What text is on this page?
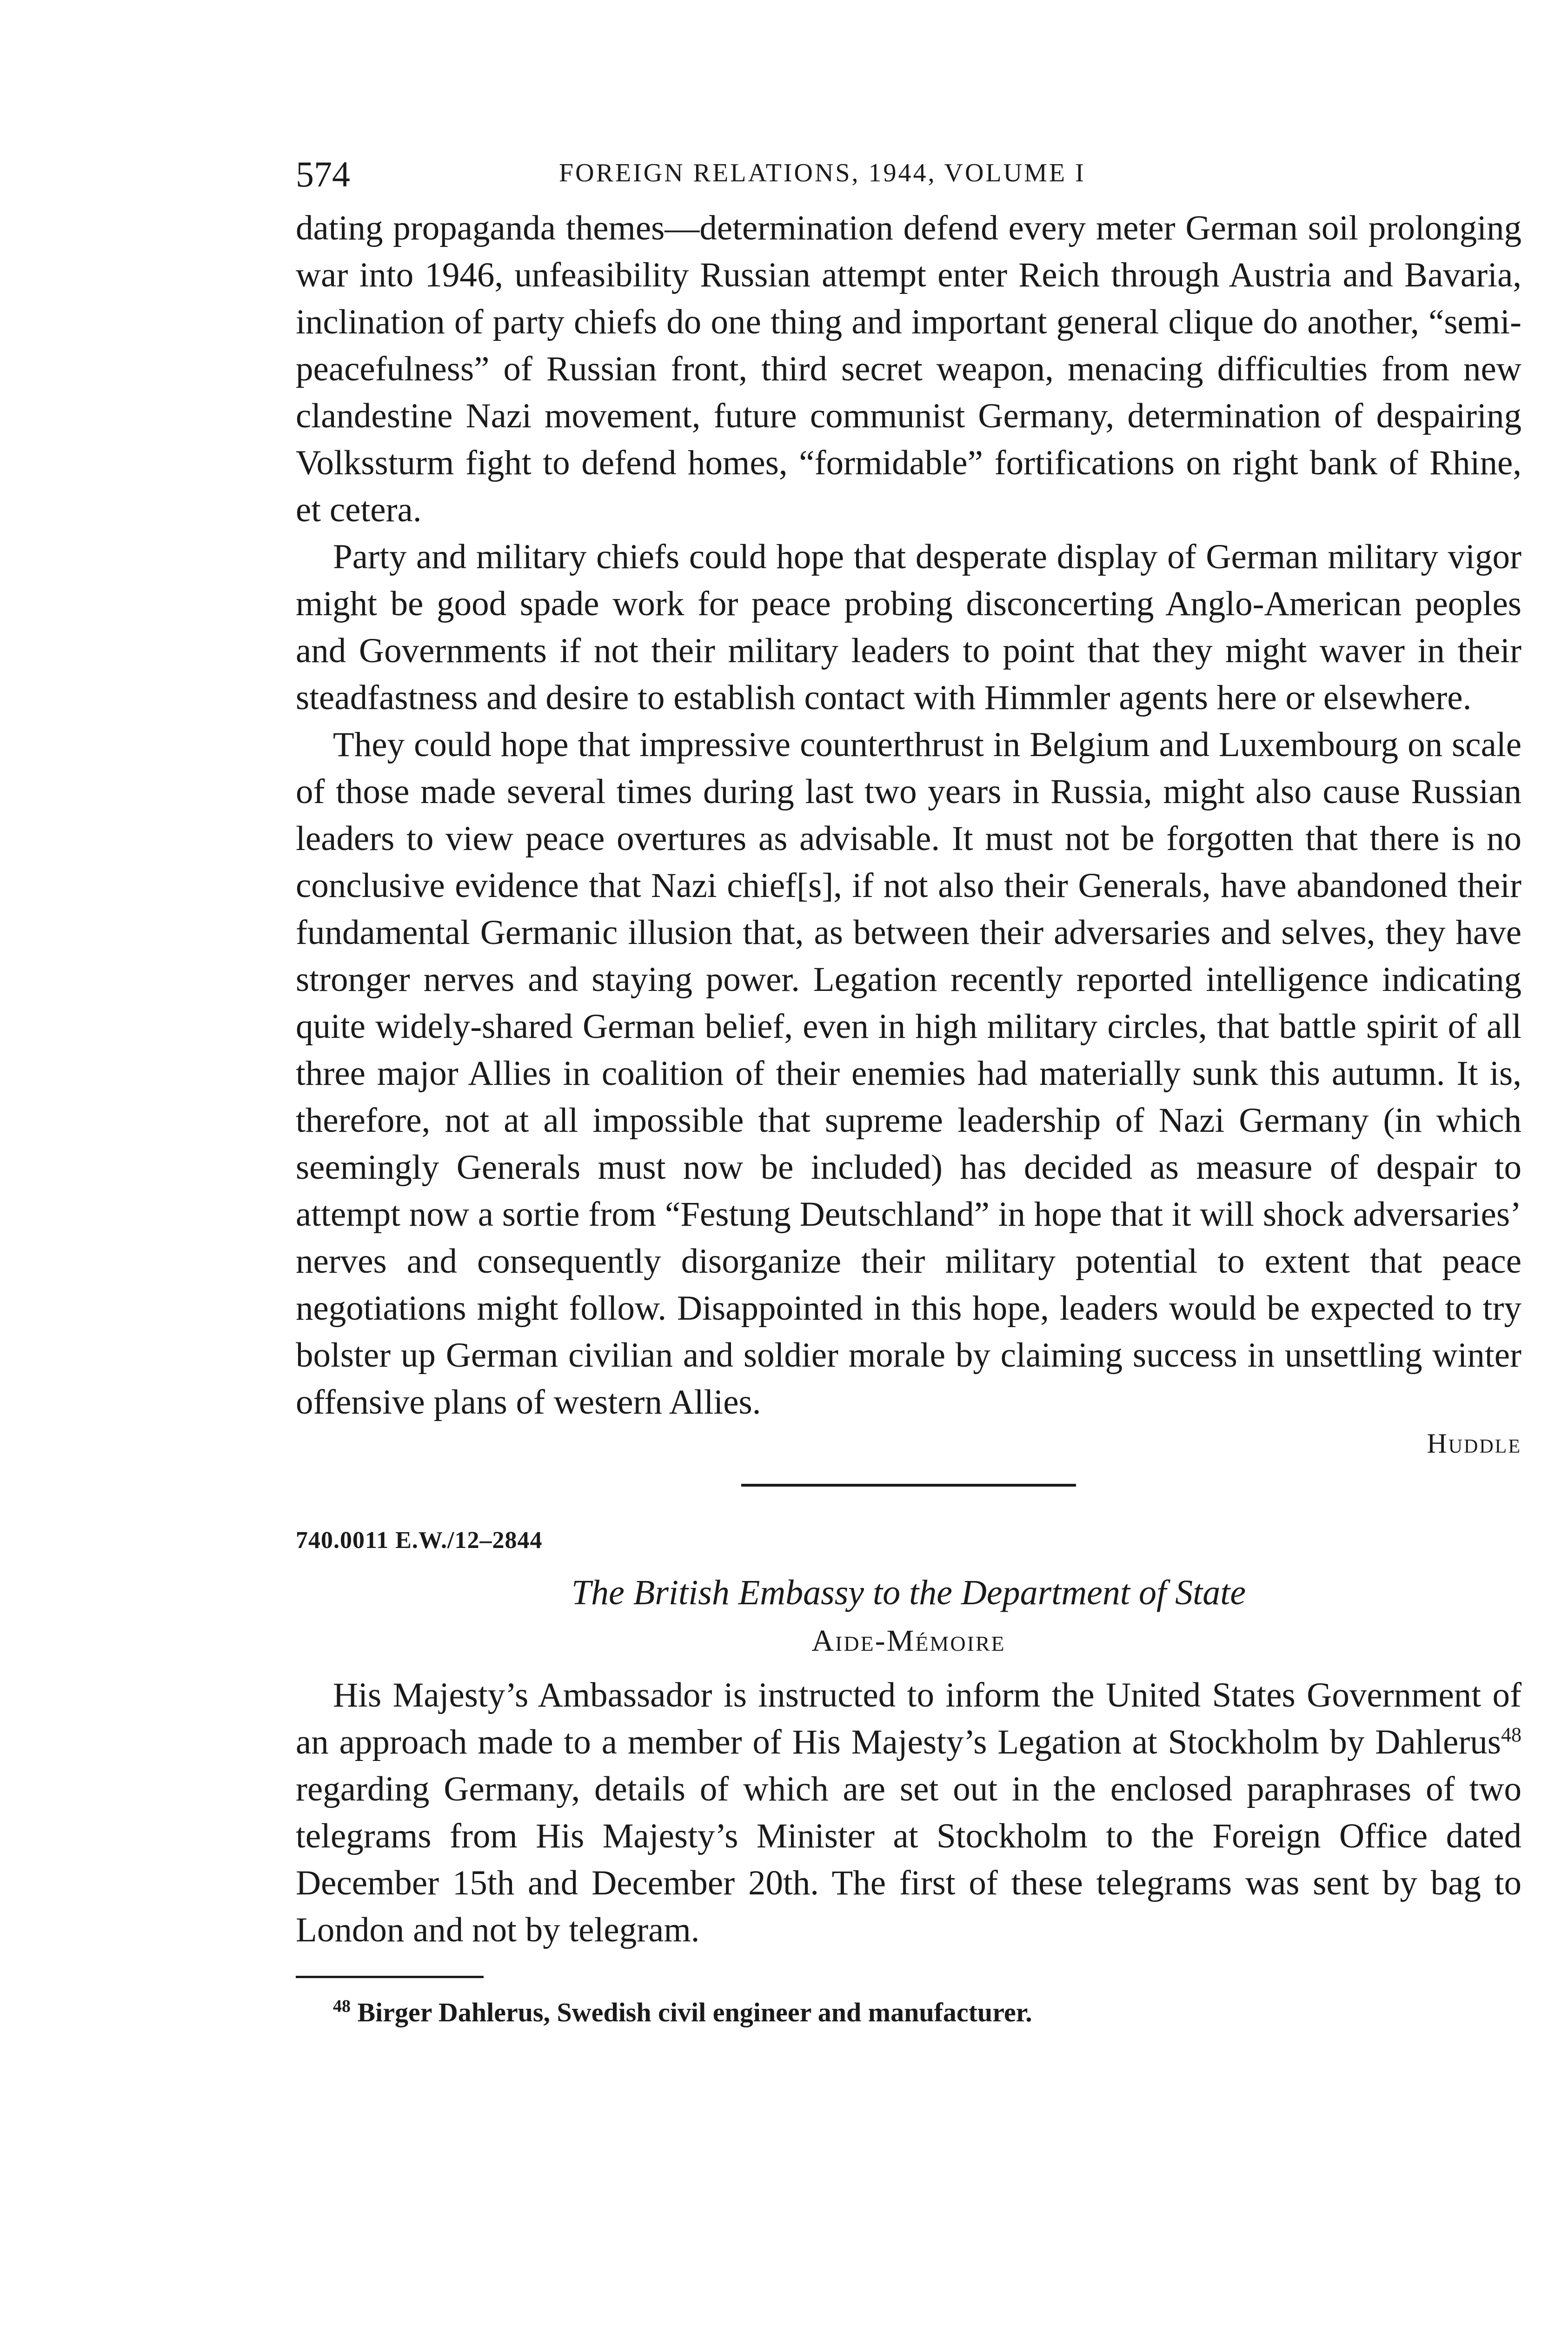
574	FOREIGN RELATIONS, 1944, VOLUME I

dating propaganda themes—determination defend every meter German soil prolonging war into 1946, unfeasibility Russian attempt enter Reich through Austria and Bavaria, inclination of party chiefs do one thing and important general clique do another, “semi-peacefulness” of Russian front, third secret weapon, menacing difficulties from new clandestine Nazi movement, future communist Germany, determination of despairing Volkssturm fight to defend homes, “formidable” fortifications on right bank of Rhine, et cetera.

Party and military chiefs could hope that desperate display of German military vigor might be good spade work for peace probing disconcerting Anglo-American peoples and Governments if not their military leaders to point that they might waver in their steadfastness and desire to establish contact with Himmler agents here or elsewhere.

They could hope that impressive counterthrust in Belgium and Luxembourg on scale of those made several times during last two years in Russia, might also cause Russian leaders to view peace overtures as advisable. It must not be forgotten that there is no conclusive evidence that Nazi chief[s], if not also their Generals, have abandoned their fundamental Germanic illusion that, as between their adversaries and selves, they have stronger nerves and staying power. Legation recently reported intelligence indicating quite widely-shared German belief, even in high military circles, that battle spirit of all three major Allies in coalition of their enemies had materially sunk this autumn. It is, therefore, not at all impossible that supreme leadership of Nazi Germany (in which seemingly Generals must now be included) has decided as measure of despair to attempt now a sortie from “Festung Deutschland” in hope that it will shock adversaries’ nerves and consequently disorganize their military potential to extent that peace negotiations might follow. Disappointed in this hope, leaders would be expected to try bolster up German civilian and soldier morale by claiming success in unsettling winter offensive plans of western Allies.

Huddle
740.0011 E.W./12–2844
The British Embassy to the Department of State
Aide-Mémoire

His Majesty’s Ambassador is instructed to inform the United States Government of an approach made to a member of His Majesty’s Legation at Stockholm by Dahlerus$^{48}$ regarding Germany, details of which are set out in the enclosed paraphrases of two telegrams from His Majesty’s Minister at Stockholm to the Foreign Office dated December 15th and December 20th. The first of these telegrams was sent by bag to London and not by telegram.

$^{48}$ Birger Dahlerus, Swedish civil engineer and manufacturer.
